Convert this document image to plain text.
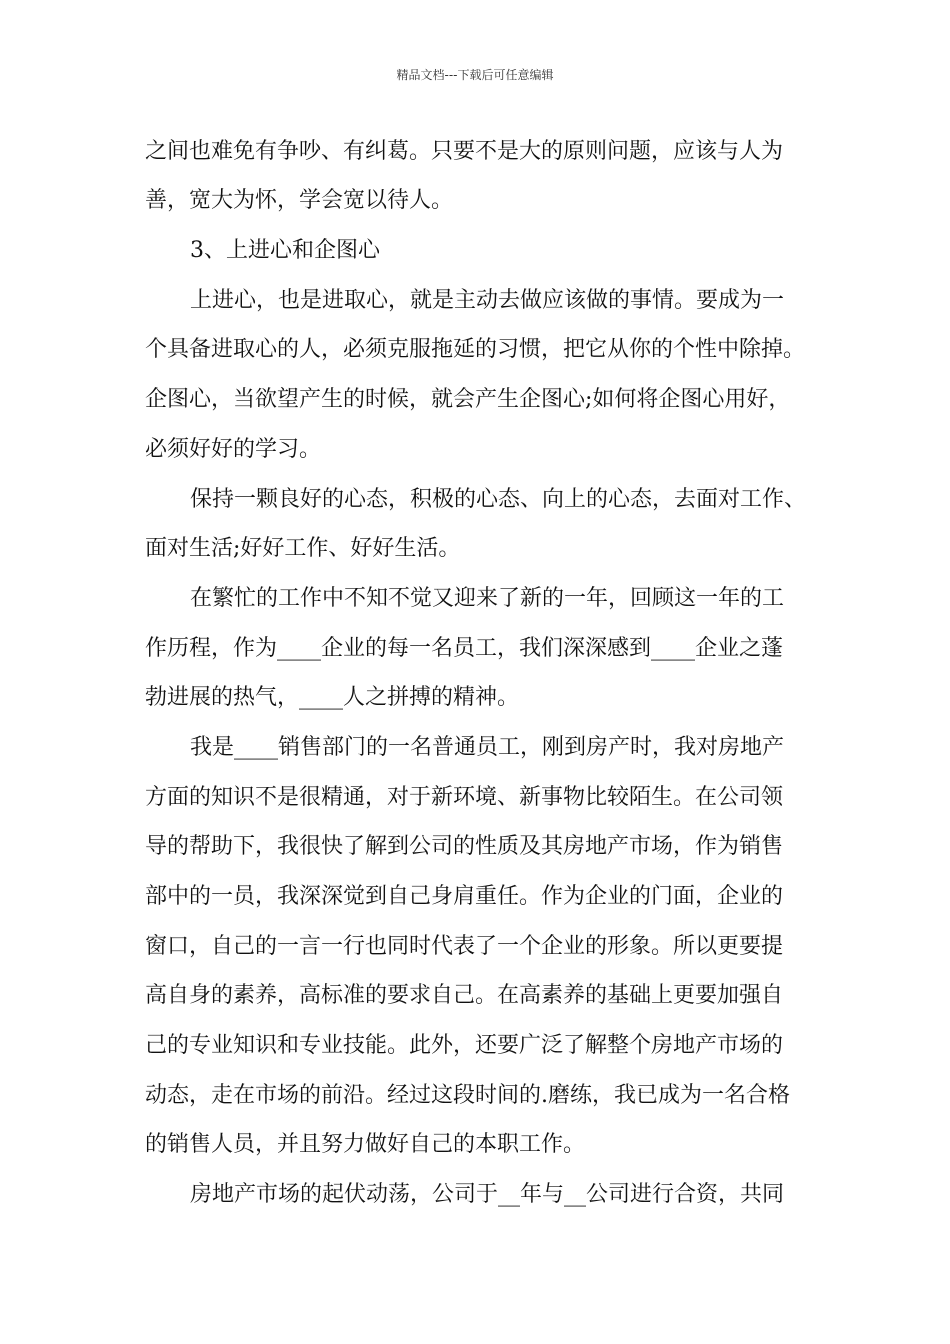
精品文档---下载后可任意编辑
之间也难免有争吵、有纠葛。只要不是大的原则问题，应该与人为
善，宽大为怀，学会宽以待人。
3、上进心和企图心
上进心，也是进取心，就是主动去做应该做的事情。要成为一
个具备进取心的人，必须克服拖延的习惯，把它从你的个性中除掉。
企图心，当欲望产生的时候，就会产生企图心;如何将企图心用好，
必须好好的学习。
保持一颗良好的心态，积极的心态、向上的心态，去面对工作、
面对生活;好好工作、好好生活。
在繁忙的工作中不知不觉又迎来了新的一年，回顾这一年的工
作历程，作为____企业的每一名员工，我们深深感到____企业之蓬
勃进展的热气，____人之拼搏的精神。
我是____销售部门的一名普通员工，刚到房产时，我对房地产
方面的知识不是很精通，对于新环境、新事物比较陌生。在公司领
导的帮助下，我很快了解到公司的性质及其房地产市场，作为销售
部中的一员，我深深觉到自己身肩重任。作为企业的门面，企业的
窗口，自己的一言一行也同时代表了一个企业的形象。所以更要提
高自身的素养，高标准的要求自己。在高素养的基础上更要加强自
己的专业知识和专业技能。此外，还要广泛了解整个房地产市场的
动态，走在市场的前沿。经过这段时间的.磨练，我已成为一名合格
的销售人员，并且努力做好自己的本职工作。
房地产市场的起伏动荡，公司于__年与__公司进行合资，共同
